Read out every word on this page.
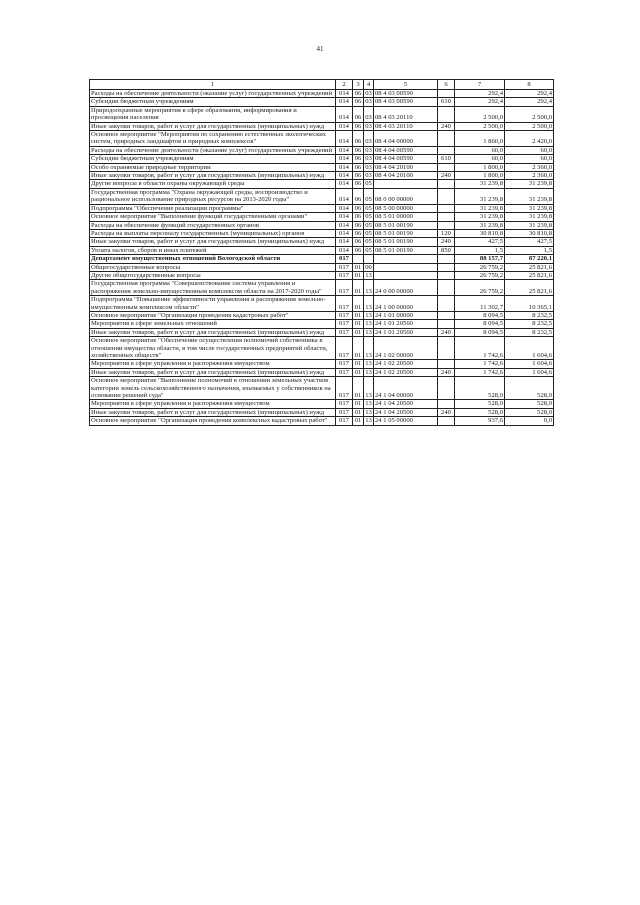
41
1	2	3	4	5	6	7	8
Расходы на обеспечение деятельности (оказание услуг) государственных учреждений	014	06	03	08 4 03 00590		292,4	292,4
Субсидии бюджетным учреждениям	014	06	03	08 4 03 00590	610	292,4	292,4
Природоохранные мероприятия в сфере образования, информирования и просвещения населения	014	06	03	08 4 03 20110		2 500,0	2 500,0
Иные закупки товаров, работ и услуг для государственных (муниципальных) нужд	014	06	03	08 4 03 20110	240	2 500,0	2 500,0
Основное мероприятие "Мероприятия по сохранению естественных экологических систем, природных ландшафтов и природных комплексов"	014	06	03	08 4 04 00000		1 860,0	2 420,0
Расходы на обеспечение деятельности (оказание услуг) государственных учреждений	014	06	03	08 4 04 00590		60,0	60,0
Субсидии бюджетным учреждениям	014	06	03	08 4 04 00590	610	60,0	60,0
Особо охраняемые природные территории	014	06	03	08 4 04 20100		1 800,0	2 360,0
Иные закупки товаров, работ и услуг для государственных (муниципальных) нужд	014	06	03	08 4 04 20100	240	1 800,0	2 360,0
Другие вопросы в области охраны окружающей среды	014	06	05			31 239,8	31 239,8
Государственная программа "Охрана окружающей среды, воспроизводство и рациональное использование природных ресурсов на 2013-2020 годы"	014	06	05	08 0 00 00000		31 239,8	31 239,8
Подпрограмма "Обеспечение реализации программы"	014	06	05	08 5 00 00000		31 239,8	31 239,8
Основное мероприятие "Выполнение функций государственными органами"	014	06	05	08 5 01 00000		31 239,8	31 239,8
Расходы на обеспечение функций государственных органов	014	06	05	08 5 01 00190		31 239,8	31 239,8
Расходы на выплаты персоналу государственных (муниципальных) органов	014	06	05	08 5 01 00190	120	30 810,8	30 810,8
Иные закупки товаров, работ и услуг для государственных (муниципальных) нужд	014	06	05	08 5 01 00190	240	427,5	427,5
Уплата налогов, сборов и иных платежей	014	06	05	08 5 01 00190	850	1,5	1,5
Департамент имущественных отношений Вологодской области	017					88 157,7	87 220,1
Общегосударственные вопросы	017	01	00			26 759,2	25 821,6
Другие общегосударственные вопросы	017	01	13			26 759,2	25 821,6
Государственная программа "Совершенствование системы управления и распоряжения земельно-имущественным комплексом области на 2017-2020 годы"	017	01	13	24 0 00 00000		26 759,2	25 821,6
Подпрограмма "Повышение эффективности управления и распоряжения земельно-имущественным комплексом области"	017	01	13	24 1 00 00000		11 302,7	10 365,1
Основное мероприятие "Организация проведения кадастровых работ"	017	01	13	24 1 01 00000		8 094,5	8 232,5
Мероприятия в сфере земельных отношений	017	01	13	24 1 01 20560		8 094,5	8 232,5
Иные закупки товаров, работ и услуг для государственных (муниципальных) нужд	017	01	13	24 1 01 20560	240	8 094,5	8 232,5
Основное мероприятие "Обеспечение осуществления полномочий собственника в отношении имущества области, в том числе государственных предприятий области, хозяйственных обществ"	017	01	13	24 1 02 00000		1 742,6	1 604,6
Мероприятия в сфере управления и распоряжения имуществом	017	01	13	24 1 02 20500		1 742,6	1 604,6
Иные закупки товаров, работ и услуг для государственных (муниципальных) нужд	017	01	13	24 1 02 20500	240	1 742,6	1 604,6
Основное мероприятие "Выполнение полномочий в отношении земельных участков категории земель сельскохозяйственного назначения, изымаемых у собственников на основании решений суда"	017	01	13	24 1 04 00000		528,0	528,0
Мероприятия в сфере управления и распоряжения имуществом	017	01	13	24 1 04 20500		528,0	528,0
Иные закупки товаров, работ и услуг для государственных (муниципальных) нужд	017	01	13	24 1 04 20500	240	528,0	528,0
Основное мероприятие "Организация проведения комплексных кадастровых работ"	017	01	13	24 1 05 00000		937,6	0,0
